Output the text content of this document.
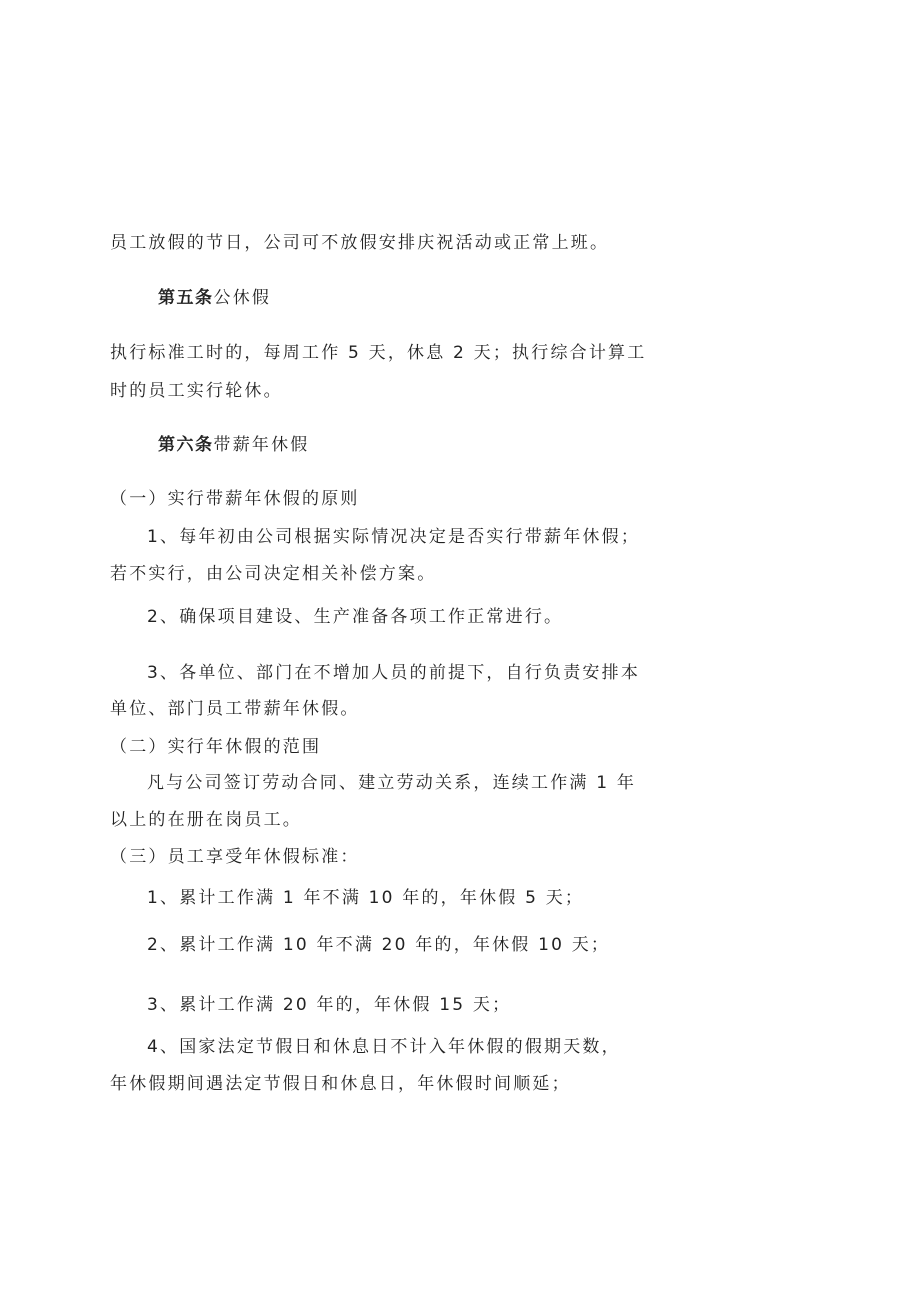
员工放假的节日，公司可不放假安排庆祝活动或正常上班。
第五条公休假
执行标准工时的，每周工作 5 天，休息 2 天；执行综合计算工
时的员工实行轮休。
第六条带薪年休假
（一）实行带薪年休假的原则
1、每年初由公司根据实际情况决定是否实行带薪年休假；
若不实行，由公司决定相关补偿方案。
2、确保项目建设、生产准备各项工作正常进行。
3、各单位、部门在不增加人员的前提下，自行负责安排本
单位、部门员工带薪年休假。
（二）实行年休假的范围
凡与公司签订劳动合同、建立劳动关系，连续工作满 1 年
以上的在册在岗员工。
（三）员工享受年休假标准：
1、累计工作满 1 年不满 10 年的，年休假 5 天；
2、累计工作满 10 年不满 20 年的，年休假 10 天；
3、累计工作满 20 年的，年休假 15 天；
4、国家法定节假日和休息日不计入年休假的假期天数，
年休假期间遇法定节假日和休息日，年休假时间顺延；
